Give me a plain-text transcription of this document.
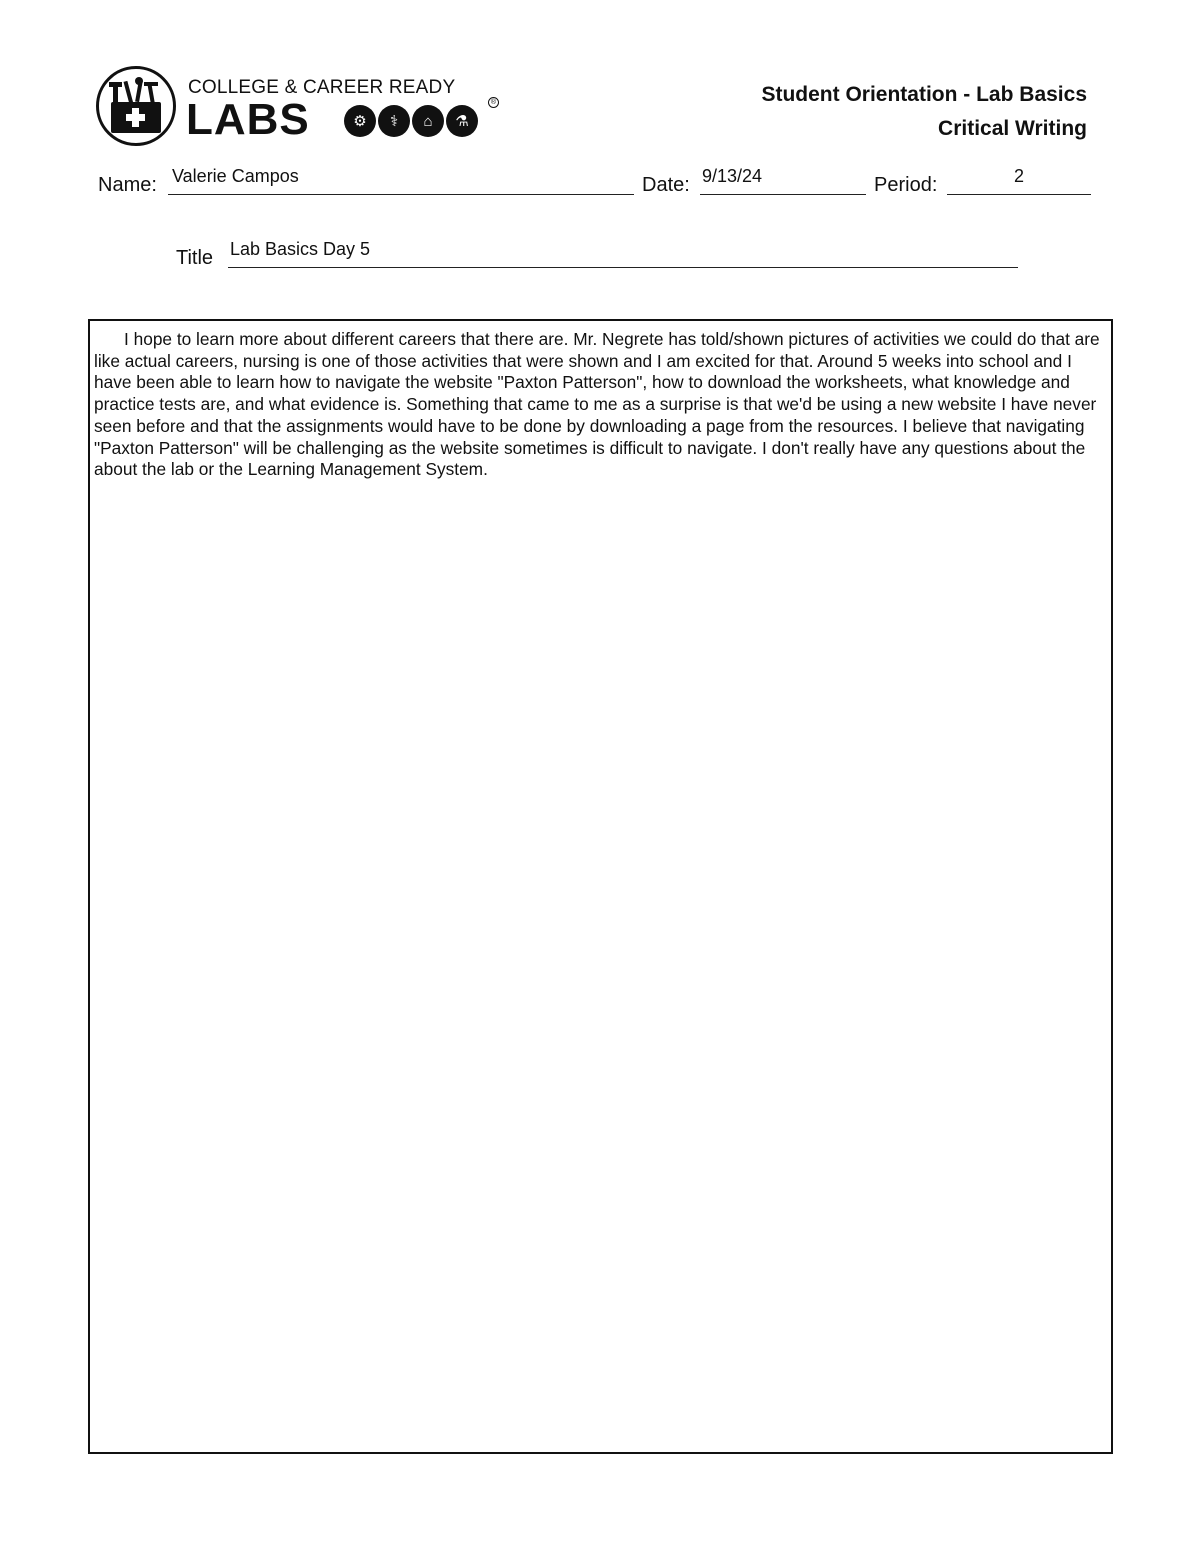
COLLEGE & CAREER READY
LABS	⚙	⚕	⌂	⚗
®	Student Orientation - Lab Basics
Critical Writing
Name: Valerie Campos	Date: 9/13/24	Period:	2
Title Lab Basics Day 5
I hope to learn more about different careers that there are. Mr. Negrete has told/shown pictures of activities we could do that are like actual careers, nursing is one of those activities that were shown and I am excited for that. Around 5 weeks into school and I have been able to learn how to navigate the website "Paxton Patterson", how to download the worksheets, what knowledge and practice tests are, and what evidence is. Something that came to me as a surprise is that we'd be using a new website I have never seen before and that the assignments would have to be done by downloading a page from the resources. I believe that navigating "Paxton Patterson" will be challenging as the website sometimes is difficult to navigate. I don't really have any questions about the about the lab or the Learning Management System.
